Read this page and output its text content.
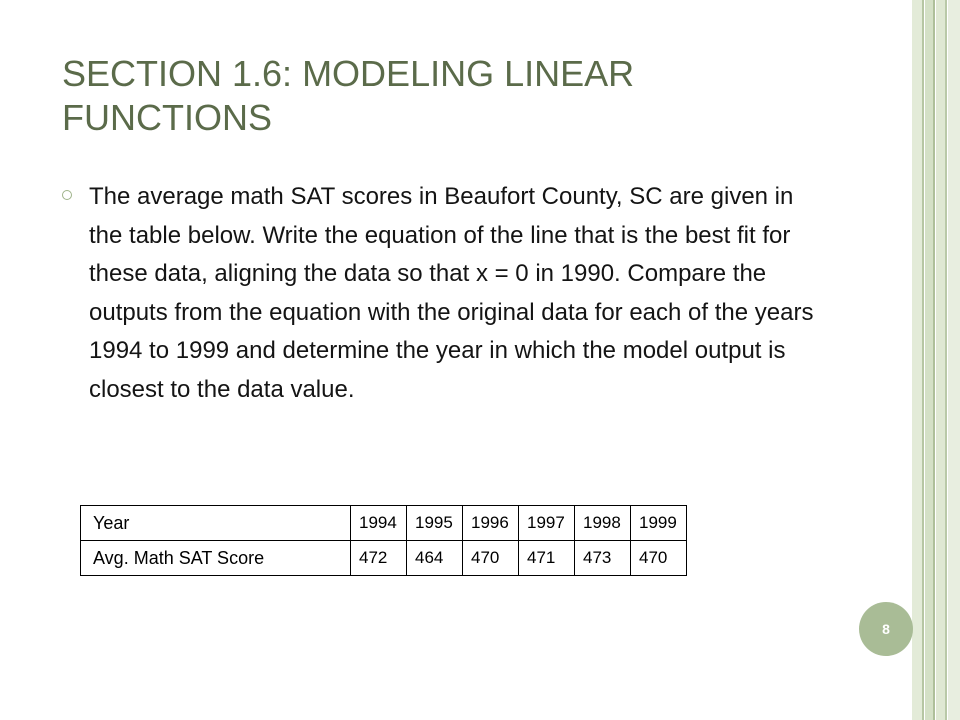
SECTION 1.6: MODELING LINEAR FUNCTIONS
The average math SAT scores in Beaufort County, SC are given in the table below. Write the equation of the line that is the best fit for these data, aligning the data so that x = 0 in 1990. Compare the outputs from the equation with the original data for each of the years 1994 to 1999 and determine the year in which the model output is closest to the data value.
Year	1994	1995	1996	1997	1998	1999
Avg. Math SAT Score	472	464	470	471	473	470
8
